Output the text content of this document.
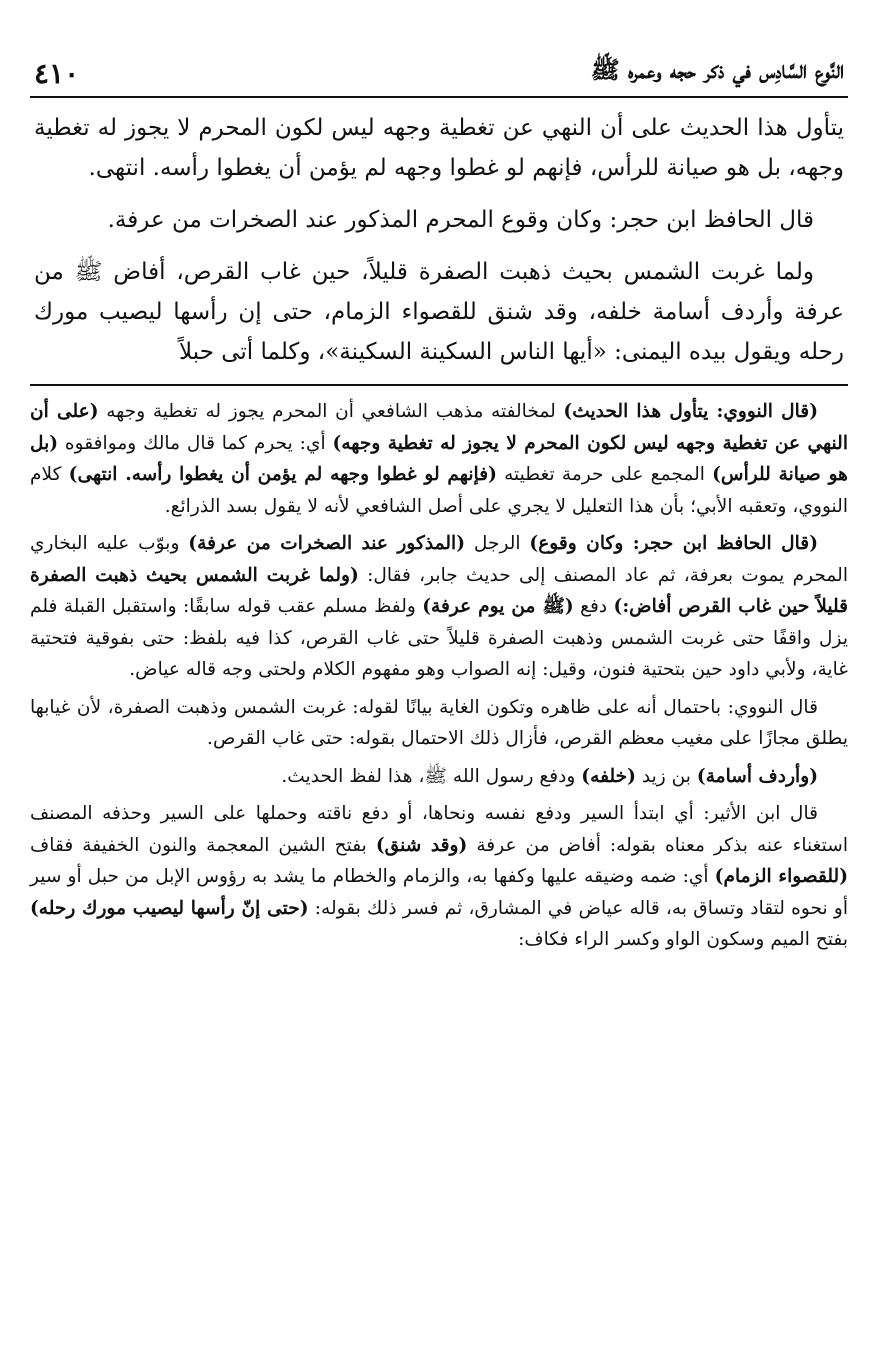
النَّوع السَّادِس في ذكر حجه وعمره ﷺ
٤١٠

يتأول هذا الحديث على أن النهي عن تغطية وجهه ليس لكون المحرم لا يجوز له تغطية وجهه، بل هو صيانة للرأس، فإنهم لو غطوا وجهه لم يؤمن أن يغطوا رأسه. انتهى.

قال الحافظ ابن حجر: وكان وقوع المحرم المذكور عند الصخرات من عرفة.

ولما غربت الشمس بحيث ذهبت الصفرة قليلاً، حين غاب القرص، أفاض ﷺ من عرفة وأردف أسامة خلفه، وقد شنق للقصواء الزمام، حتى إن رأسها ليصيب مورك رحله ويقول بيده اليمنى: «أيها الناس السكينة السكينة»، وكلما أتى حبلاً

(قال النووي: يتأول هذا الحديث) لمخالفته مذهب الشافعي أن المحرم يجوز له تغطية وجهه (على أن النهي عن تغطية وجهه ليس لكون المحرم لا يجوز له تغطية وجهه) أي: يحرم كما قال مالك وموافقوه (بل هو صيانة للرأس) المجمع على حرمة تغطيته (فإنهم لو غطوا وجهه لم يؤمن أن يغطوا رأسه. انتهى) كلام النووي، وتعقبه الأبي؛ بأن هذا التعليل لا يجري على أصل الشافعي لأنه لا يقول بسد الذرائع.

(قال الحافظ ابن حجر: وكان وقوع) الرجل (المذكور عند الصخرات من عرفة) وبوّب عليه البخاري المحرم يموت بعرفة، ثم عاد المصنف إلى حديث جابر، فقال: (ولما غربت الشمس بحيث ذهبت الصفرة قليلاً حين غاب القرص أفاض:) دفع (ﷺ من يوم عرفة) ولفظ مسلم عقب قوله سابقًا: واستقبل القبلة فلم يزل واقفًا حتى غربت الشمس وذهبت الصفرة قليلاً حتى غاب القرص، كذا فيه بلفظ: حتى بفوقية فتحتية غاية، ولأبي داود حين بتحتية فنون، وقيل: إنه الصواب وهو مفهوم الكلام ولحتى وجه قاله عياض.

قال النووي: باحتمال أنه على ظاهره وتكون الغاية بيانًا لقوله: غربت الشمس وذهبت الصفرة، لأن غيابها يطلق مجازًا على مغيب معظم القرص، فأزال ذلك الاحتمال بقوله: حتى غاب القرص.

(وأردف أسامة) بن زيد (خلفه) ودفع رسول الله ﷺ، هذا لفظ الحديث.

قال ابن الأثير: أي ابتدأ السير ودفع نفسه ونحاها، أو دفع ناقته وحملها على السير وحذفه المصنف استغناء عنه بذكر معناه بقوله: أفاض من عرفة (وقد شنق) بفتح الشين المعجمة والنون الخفيفة فقاف (للقصواء الزمام) أي: ضمه وضيقه عليها وكفها به، والزمام والخطام ما يشد به رؤوس الإبل من حبل أو سير أو نحوه لتقاد وتساق به، قاله عياض في المشارق، ثم فسر ذلك بقوله: (حتى إنّ رأسها ليصيب مورك رحله) بفتح الميم وسكون الواو وكسر الراء فكاف:
